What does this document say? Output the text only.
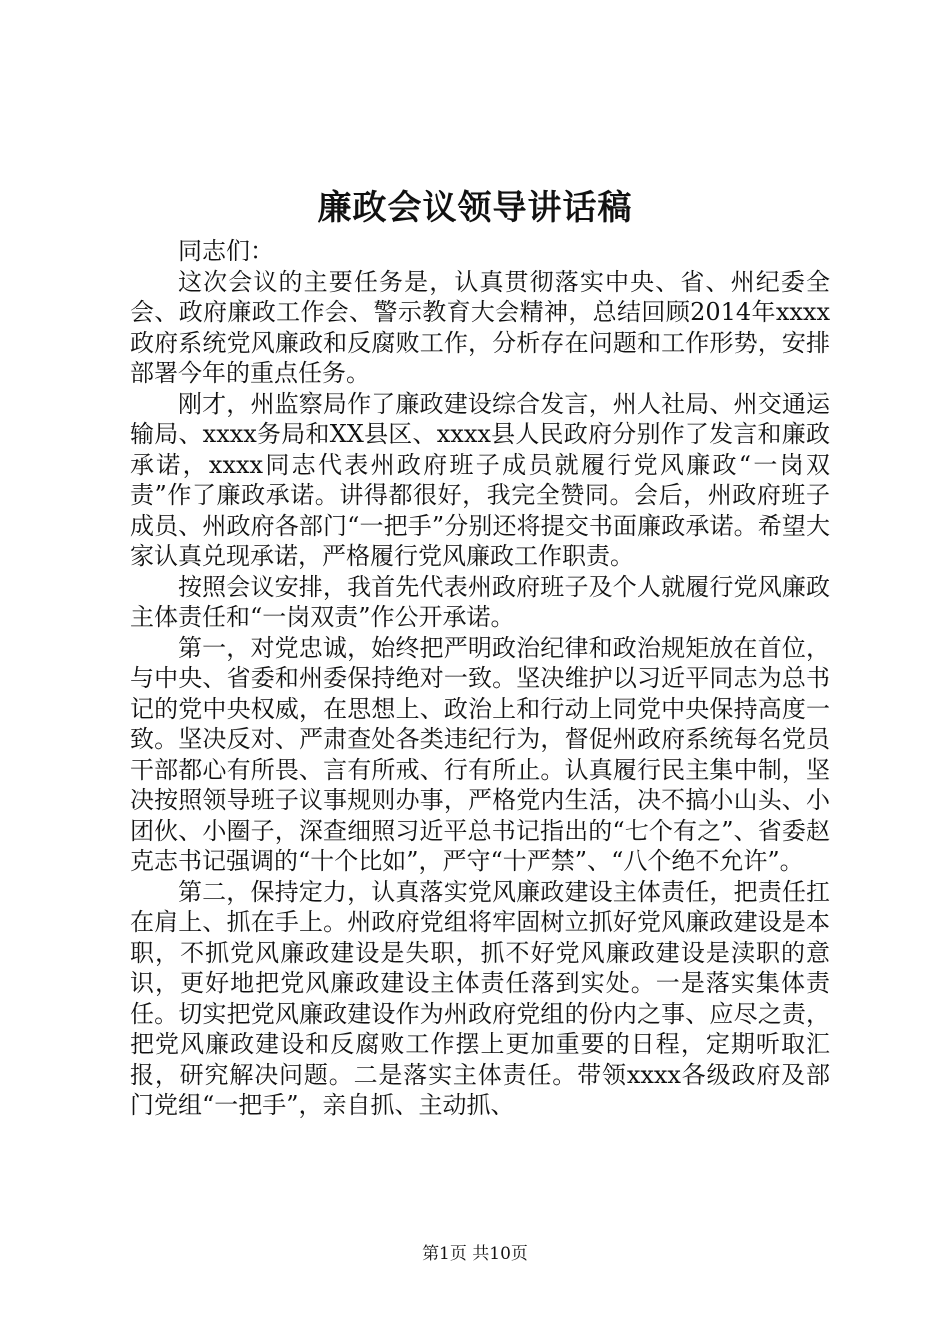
廉政会议领导讲话稿

同志们：

这次会议的主要任务是，认真贯彻落实中央、省、州纪委全会、政府廉政工作会、警示教育大会精神，总结回顾2014年xxxx政府系统党风廉政和反腐败工作，分析存在问题和工作形势，安排部署今年的重点任务。

刚才，州监察局作了廉政建设综合发言，州人社局、州交通运输局、xxxx务局和XX县区、xxxx县人民政府分别作了发言和廉政承诺，xxxx同志代表州政府班子成员就履行党风廉政“一岗双责”作了廉政承诺。讲得都很好，我完全赞同。会后，州政府班子成员、州政府各部门“一把手”分别还将提交书面廉政承诺。希望大家认真兑现承诺，严格履行党风廉政工作职责。

按照会议安排，我首先代表州政府班子及个人就履行党风廉政主体责任和“一岗双责”作公开承诺。

第一，对党忠诚，始终把严明政治纪律和政治规矩放在首位，与中央、省委和州委保持绝对一致。坚决维护以习近平同志为总书记的党中央权威，在思想上、政治上和行动上同党中央保持高度一致。坚决反对、严肃查处各类违纪行为，督促州政府系统每名党员干部都心有所畏、言有所戒、行有所止。认真履行民主集中制，坚决按照领导班子议事规则办事，严格党内生活，决不搞小山头、小团伙、小圈子，深查细照习近平总书记指出的“七个有之”、省委赵克志书记强调的“十个比如”，严守“十严禁”、“八个绝不允许”。

第二，保持定力，认真落实党风廉政建设主体责任，把责任扛在肩上、抓在手上。州政府党组将牢固树立抓好党风廉政建设是本职，不抓党风廉政建设是失职，抓不好党风廉政建设是渎职的意识，更好地把党风廉政建设主体责任落到实处。一是落实集体责任。切实把党风廉政建设作为州政府党组的份内之事、应尽之责，把党风廉政建设和反腐败工作摆上更加重要的日程，定期听取汇报，研究解决问题。二是落实主体责任。带领xxxx各级政府及部门党组“一把手”，亲自抓、主动抓、

第1页 共10页
